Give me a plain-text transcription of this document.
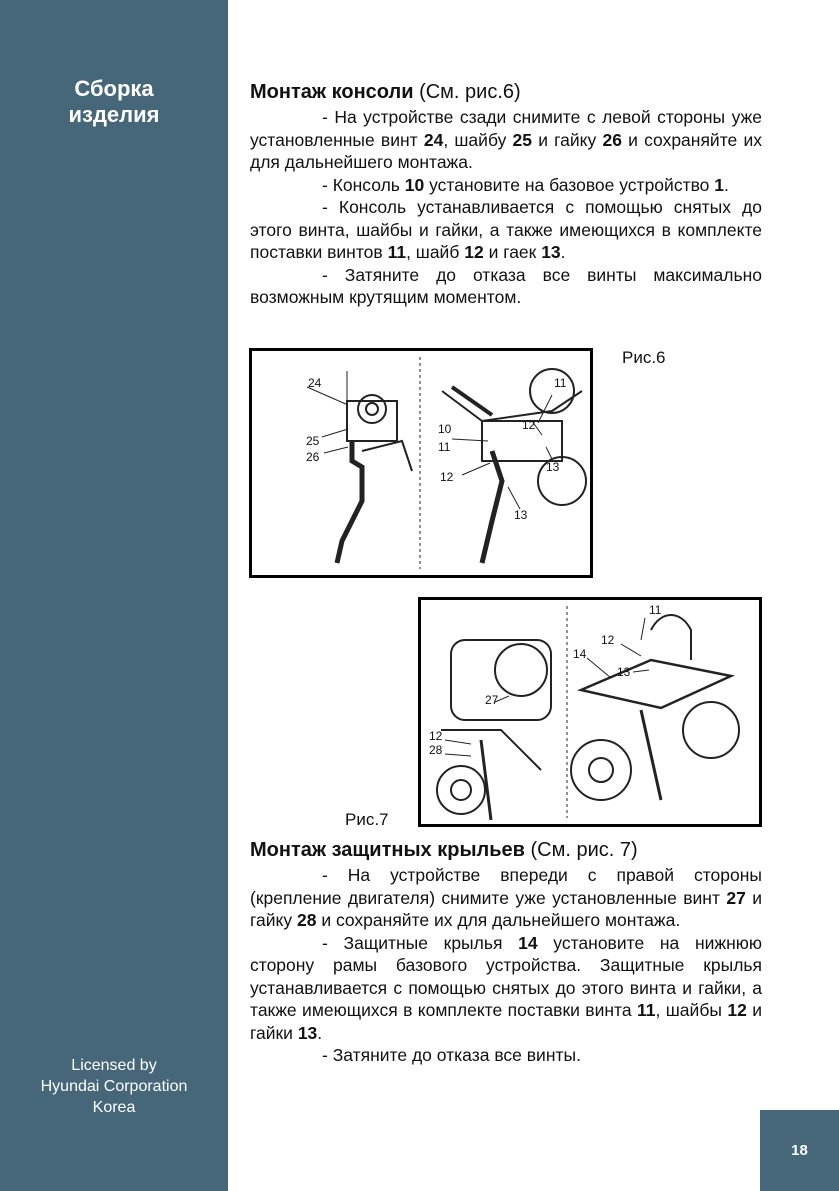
Сборка
изделия
Licensed by
Hyundai Corporation
Korea
18
Монтаж консоли (См. рис.6)

- На устройстве сзади снимите с левой стороны уже установленные винт 24, шайбу 25 и гайку 26 и сохраняйте их для дальнейшего монтажа.

- Консоль 10 установите на базовое устройство 1.

- Консоль устанавливается с помощью снятых до этого винта, шайбы и гайки, а также имеющихся в комплекте поставки винтов 11, шайб 12 и гаек 13.

- Затяните до отказа все винты максимально возможным крутящим моментом.

24
25
26
10
11
12
11
12
13
13
Рис.6
27
12
28
11
12
14
13
Рис.7
Монтаж защитных крыльев (См. рис. 7)

- На устройстве впереди с правой стороны (крепление двигателя) снимите уже установленные винт 27 и гайку 28 и сохраняйте их для дальнейшего монтажа.

- Защитные крылья 14 установите на нижнюю сторону рамы базового устройства. Защитные крылья устанавливается с помощью снятых до этого винта и гайки, а также имеющихся в комплекте поставки винта 11, шайбы 12 и гайки 13.

- Затяните до отказа все винты.
